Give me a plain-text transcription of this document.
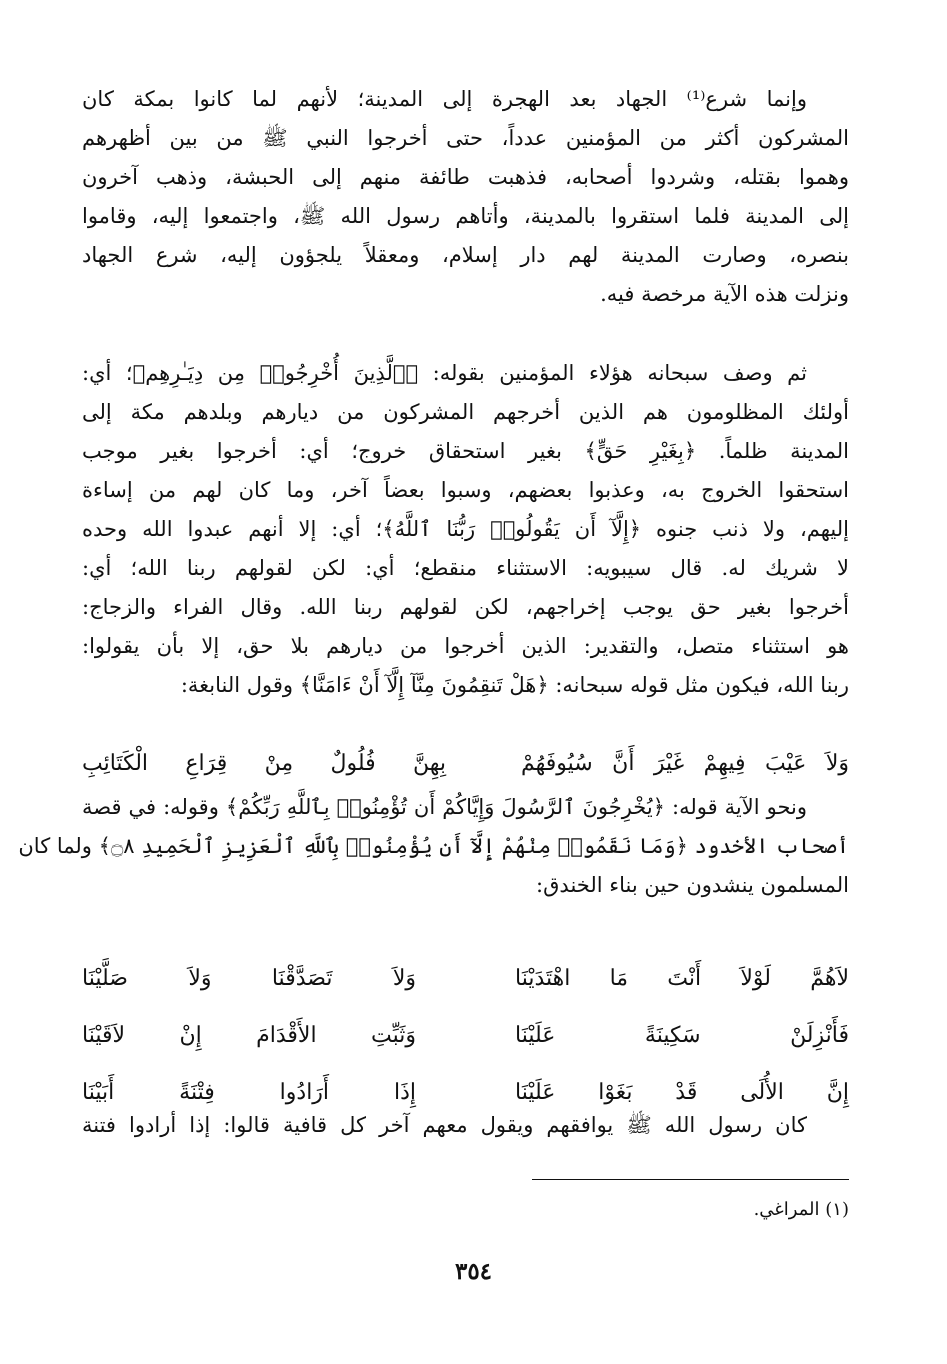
وإنما شرع⁽¹⁾ الجهاد بعد الهجرة إلى المدينة؛ لأنهم لما كانوا بمكة كان
المشركون أكثر من المؤمنين عدداً، حتى أخرجوا النبي ﷺ من بين أظهرهم
وهموا بقتله، وشردوا أصحابه، فذهبت طائفة منهم إلى الحبشة، وذهب آخرون
إلى المدينة فلما استقروا بالمدينة، وأتاهم رسول الله ﷺ، واجتمعوا إليه، وقاموا
بنصره، وصارت المدينة لهم دار إسلام، ومعقلاً يلجؤون إليه، شرع الجهاد
ونزلت هذه الآية مرخصة فيه.
ثم وصف سبحانه هؤلاء المؤمنين بقوله: ﴿ٱلَّذِينَ أُخْرِجُوا۟ مِن دِيَـٰرِهِم﴾؛ أي:
أولئك المظلومون هم الذين أخرجهم المشركون من ديارهم وبلدهم مكة إلى
المدينة ظلماً. ﴿بِغَيْرِ حَقٍّ﴾ بغير استحقاق خروج؛ أي: أخرجوا بغير موجب
استحقوا الخروج به، وعذبوا بعضهم، وسبوا بعضاً آخر، وما كان لهم من إساءة
إليهم، ولا ذنب جنوه ﴿إِلَّآ أَن يَقُولُوا۟ رَبُّنَا ٱللَّهُ﴾؛ أي: إلا أنهم عبدوا الله وحده
لا شريك له. قال سيبويه: الاستثناء منقطع؛ أي: لكن لقولهم ربنا الله؛ أي:
أخرجوا بغير حق يوجب إخراجهم، لكن لقولهم ربنا الله. وقال الفراء والزجاج:
هو استثناء متصل، والتقدير: الذين أخرجوا من ديارهم بلا حق، إلا بأن يقولوا:
ربنا الله، فيكون مثل قوله سبحانه: ﴿هَلْ تَنقِمُونَ مِنَّآ إِلَّآ أَنْ ءَامَنَّا﴾ وقول النابغة:
وَلاَ عَيْبَ فِيهِمْ غَيْرَ أَنَّ سُيُوفَهُمْ
بِهِنَّ فُلُولٌ مِنْ قِرَاعِ الْكَتَائِبِ
ونحو الآية قوله: ﴿يُخْرِجُونَ ٱلرَّسُولَ وَإِيَّاكُمْ أَن تُؤْمِنُوا۟ بِٱللَّهِ رَبِّكُمْ﴾ وقوله: في قصة
أصحاب الأخدود ﴿وَمَا نَقَمُوا۟ مِنْهُمْ إِلَّآ أَن يُؤْمِنُوا۟ بِٱللَّهِ ٱلْعَزِيزِ ٱلْحَمِيدِ ۝٨﴾ ولما كان
المسلمون ينشدون حين بناء الخندق:
لاَهُمَّ لَوْلاَ أَنْتَ مَا اهْتَدَيْنَا
وَلاَ تَصَدَّقْنَا وَلاَ صَلَّيْنَا
فَأَنْزِلَنْ سَكِينَةً عَلَيْنَا
وَثَبِّتِ الأَقْدَامَ إِنْ لاَقَيْنَا
إِنَّ الأُلَى قَدْ بَغَوْا عَلَيْنَا
إِذَا أَرَادُوا فِتْنَةً أَبَيْنَا
كان رسول الله ﷺ يوافقهم ويقول معهم آخر كل قافية قالوا: إذا أرادوا فتنة
(١) المراغي.
٣٥٤
